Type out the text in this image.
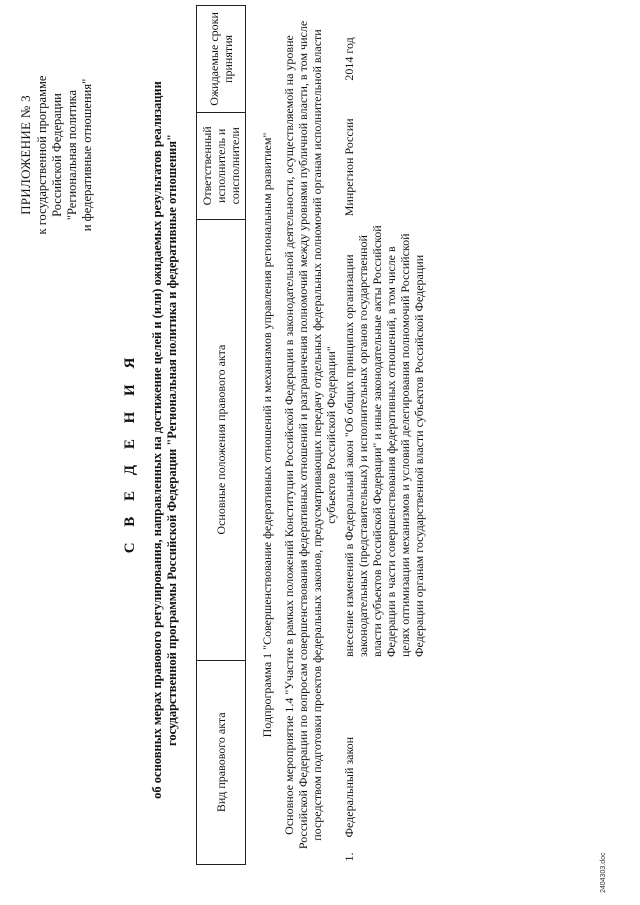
2404303.doc
ПРИЛОЖЕНИЕ № 3 к государственной программе Российской Федерации "Региональная политика и федеративные отношения"
С В Е Д Е Н И Я об основных мерах правового регулирования, направленных на достижение целей и (или) ожидаемых результатов реализации государственной программы Российской Федерации "Региональная политика и федеративные отношения"
Вид правового акта	Основные положения правового акта	Ответственный исполнитель и соисполнители	Ожидаемые сроки принятия
Подпрограмма 1 "Совершенствование федеративных отношений и механизмов управления региональным развитием"			
Основное мероприятие 1.4 "Участие в рамках положений Конституции Российской Федерации в законодательной деятельности, осуществляемой на уровне Российской Федерации по вопросам совершенствования федеративных отношений и разграничения полномочий между уровнями публичной власти, в том числе посредством подготовки проектов федеральных законов, предусматривающих передачу отдельных федеральных полномочий органам исполнительной власти субъектов Российской Федерации"			
1.Федеральный закон	внесение изменений в Федеральный закон "Об общих принципах организации законодательных (представительных) и исполнительных органов государственной власти субъектов Российской Федерации" и иные законодательные акты Российской Федерации в части совершенствования федеративных отношений, в том числе в целях оптимизации механизмов и условий делегирования полномочий Российской Федерации органам государственной власти субъектов Российской Федерации	Минрегион России	2014 год
